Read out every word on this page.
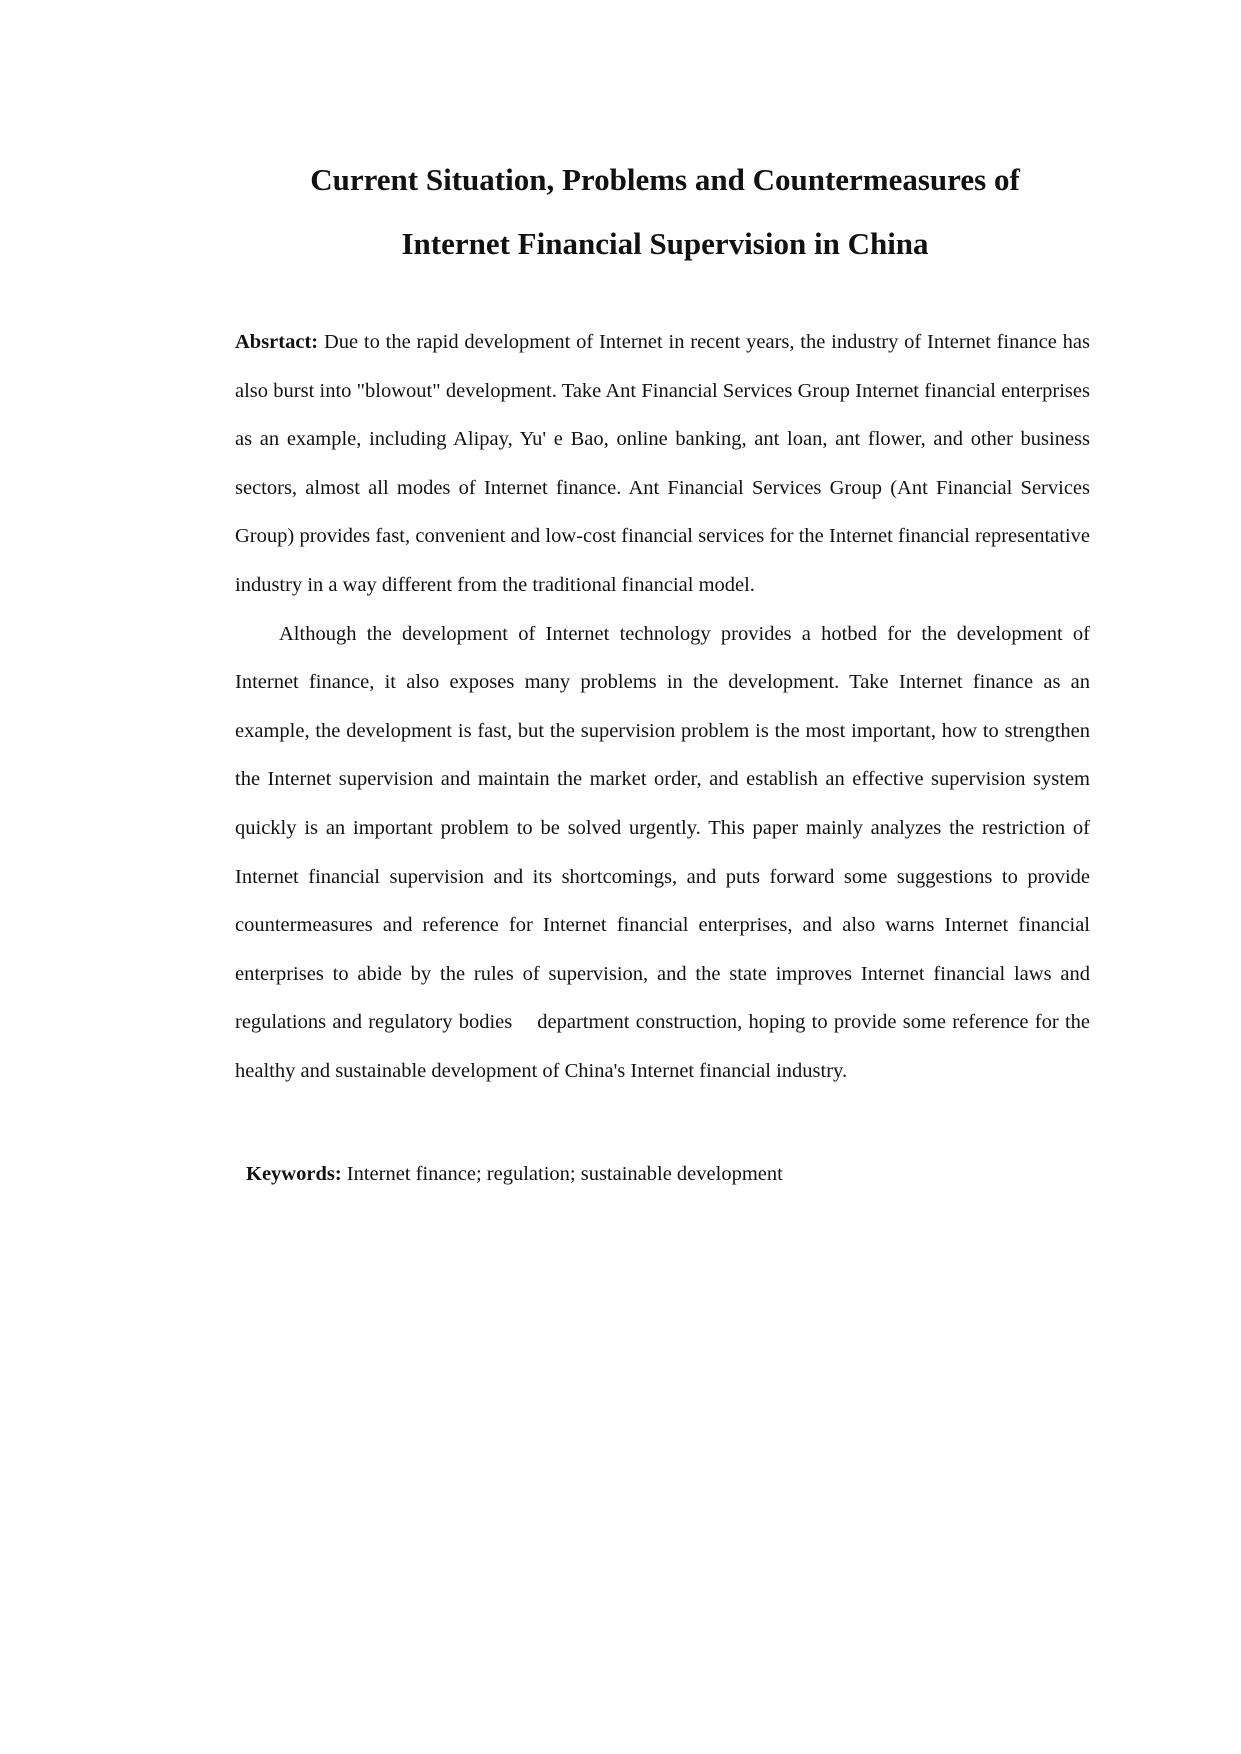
Current Situation, Problems and Countermeasures of
Internet Financial Supervision in China

Absrtact: Due to the rapid development of Internet in recent years, the industry of Internet finance has also burst into "blowout" development. Take Ant Financial Services Group Internet financial enterprises as an example, including Alipay, Yu' e Bao, online banking, ant loan, ant flower, and other business sectors, almost all modes of Internet finance. Ant Financial Services Group (Ant Financial Services Group) provides fast, convenient and low-cost financial services for the Internet financial representative industry in a way different from the traditional financial model.

Although the development of Internet technology provides a hotbed for the development of Internet finance, it also exposes many problems in the development. Take Internet finance as an example, the development is fast, but the supervision problem is the most important, how to strengthen the Internet supervision and maintain the market order, and establish an effective supervision system quickly is an important problem to be solved urgently. This paper mainly analyzes the restriction of Internet financial supervision and its shortcomings, and puts forward some suggestions to provide countermeasures and reference for Internet financial enterprises, and also warns Internet financial enterprises to abide by the rules of supervision, and the state improves Internet financial laws and regulations and regulatory bodies    department construction, hoping to provide some reference for the healthy and sustainable development of China's Internet financial industry.

Keywords: Internet finance; regulation; sustainable development
